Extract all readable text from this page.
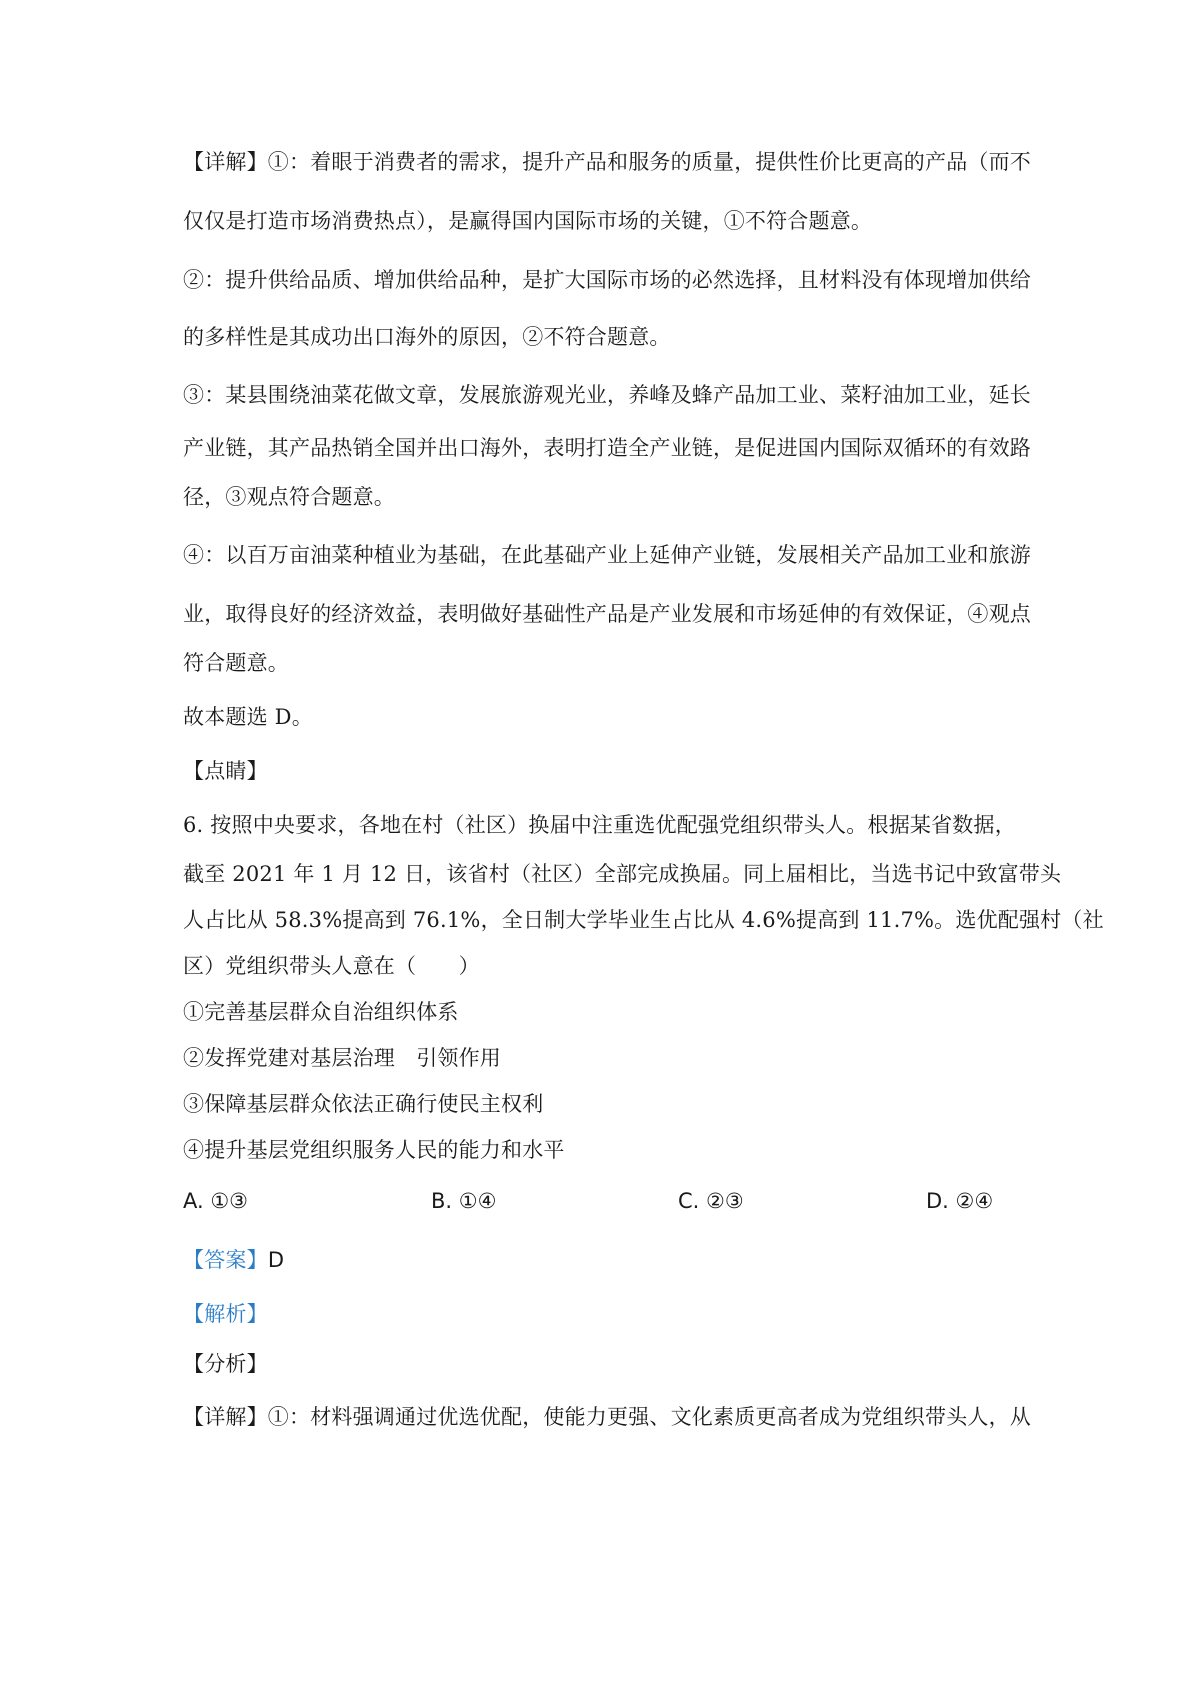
【详解】①：着眼于消费者的需求，提升产品和服务的质量，提供性价比更高的产品（而不
仅仅是打造市场消费热点），是赢得国内国际市场的关键，①不符合题意。
②：提升供给品质、增加供给品种，是扩大国际市场的必然选择，且材料没有体现增加供给
的多样性是其成功出口海外的原因，②不符合题意。
③：某县围绕油菜花做文章，发展旅游观光业，养峰及蜂产品加工业、菜籽油加工业，延长
产业链，其产品热销全国并出口海外，表明打造全产业链，是促进国内国际双循环的有效路
径，③观点符合题意。
④：以百万亩油菜种植业为基础，在此基础产业上延伸产业链，发展相关产品加工业和旅游
业，取得良好的经济效益，表明做好基础性产品是产业发展和市场延伸的有效保证，④观点
符合题意。
故本题选 D。
【点睛】
6. 按照中央要求，各地在村（社区）换届中注重选优配强党组织带头人。根据某省数据，
截至 2021 年 1 月 12 日，该省村（社区）全部完成换届。同上届相比，当选书记中致富带头
人占比从 58.3%提高到 76.1%，全日制大学毕业生占比从 4.6%提高到 11.7%。选优配强村（社
区）党组织带头人意在（　　）
①完善基层群众自治组织体系
②发挥党建对基层治理　引领作用
③保障基层群众依法正确行使民主权利
④提升基层党组织服务人民的能力和水平
A. ①③	B. ①④	C. ②③	D. ②④
【答案】D
【解析】
【分析】
【详解】①：材料强调通过优选优配，使能力更强、文化素质更高者成为党组织带头人，从
